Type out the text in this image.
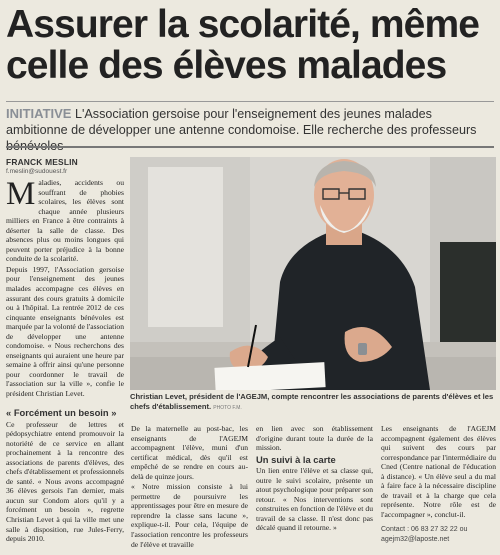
Assurer la scolarité, même
celle des élèves malades
INITIATIVE L'Association gersoise pour l'enseignement des jeunes malades ambitionne de développer une antenne condomoise. Elle recherche des professeurs
FRANCK MESLIN
f.meslin@sudouest.fr

M aladies, accidents ou souffrant de phobies scolaires, les élèves sont chaque année plusieurs milliers en France à être contraints à déserter la salle de classe. Des absences plus ou moins longues qui peuvent porter préjudice à la bonne conduite de la scolarité.

Depuis 1997, l'Association gersoise pour l'enseignement des jeunes malades accompagne ces élèves en assurant des cours gratuits à domicile ou à l'hôpital. La rentrée 2012 de ces cinquante enseignants bénévoles est marquée par la volonté de l'association de développer une antenne condomoise. « Nous recherchons des enseignants qui auraient une heure par semaine à offrir ainsi qu'une personne pour coordonner le travail de l'association sur la ville », confie le président Christian Levet.

« Forcément un besoin »

Ce professeur de lettres et pédopsychiatre entend promouvoir la notoriété de ce service en allant prochainement à la rencontre des associations de parents d'élèves, des chefs d'établissement et professionnels de santé. « Nous avons accompagné 36 élèves gersois l'an dernier, mais aucun sur Condom alors qu'il y a forcément un besoin », regrette Christian Levet à qui la ville met une salle à disposition, rue Jules-Ferry, depuis 2010.

Christian Levet, président de l'AGEJM, compte rencontrer les associations de parents d'élèves et les chefs d'établissement. PHOTO F.M.

De la maternelle au post-bac, les enseignants de l'AGEJM accompagnent l'élève, muni d'un certificat médical, dès qu'il est empêché de se rendre en cours au-delà de quinze jours.

« Notre mission consiste à lui permettre de poursuivre les apprentissages pour être en mesure de reprendre la classe sans lacune », explique-t-il. Pour cela, l'équipe de l'association rencontre les professeurs de l'élève et travaille

en lien avec son établissement d'origine durant toute la durée de la mission.

Un suivi à la carte

Un lien entre l'élève et sa classe qui, outre le suivi scolaire, présente un atout psychologique pour préparer son retour. « Nos interventions sont construites en fonction de l'élève et du travail de sa classe. Il n'est donc pas décalé quand il retourne. »

Les enseignants de l'AGEJM accompagnent également des élèves qui suivent des cours par correspondance par l'intermédiaire du Cned (Centre national de l'éducation à distance). « Un élève seul a du mal à faire face à la nécessaire discipline de travail et à la charge que cela représente. Notre rôle est de l'accompagner », conclut-il.

Contact : 06 83 27 32 22 ou
agejm32@laposte.net
